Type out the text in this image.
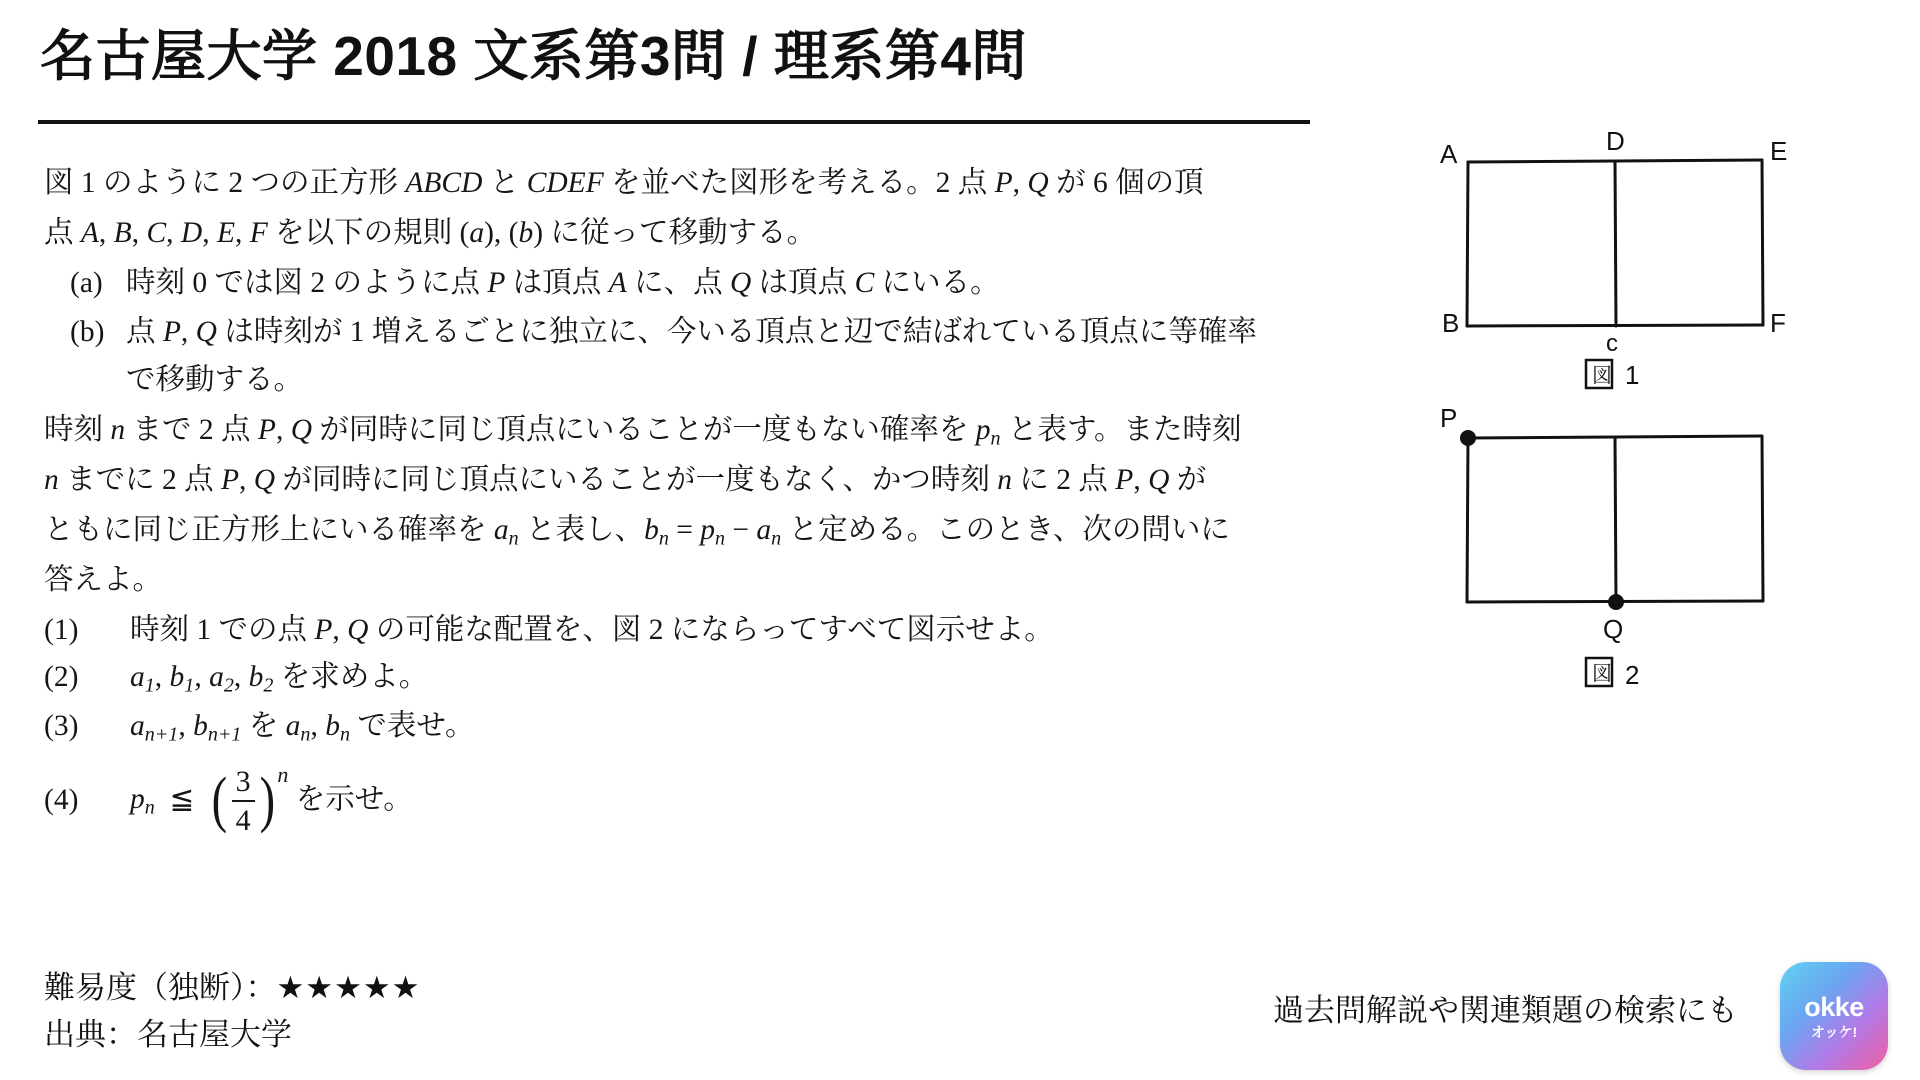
名古屋大学 2018 文系第3問 / 理系第4問

図 1 のように 2 つの正方形 ABCD と CDEF を並べた図形を考える。2 点 P, Q が 6 個の頂

点 A, B, C, D, E, F を以下の規則 (a), (b) に従って移動する。

(a) 時刻 0 では図 2 のように点 P は頂点 A に、点 Q は頂点 C にいる。
(b) 点 P, Q は時刻が 1 増えるごとに独立に、今いる頂点と辺で結ばれている頂点に等確率
で移動する。

時刻 n まで 2 点 P, Q が同時に同じ頂点にいることが一度もない確率を $p_n$ と表す。また時刻

n までに 2 点 P, Q が同時に同じ頂点にいることが一度もなく、かつ時刻 n に 2 点 P, Q が

ともに同じ正方形上にいる確率を $a_n$ と表し、$b_n = p_n - a_n$ と定める。このとき、次の問いに

答えよ。

(1)	時刻 1 での点 P, Q の可能な配置を、図 2 にならってすべて図示せよ。
(2)	$a_1$, $b_1$, $a_2$, $b_2$ を求めよ。
(3)	$a_{n+1}$, $b_{n+1}$ を $a_n$, $b_n$ で表せ。
(4)	$p_n$  ≦ ( $\frac{3}{4}$ ) n
を示せ。
A
B
c
D	E
F
図 1
P
Q
図 2
難易度（独断）：★★★★★
出典：名古屋大学
過去問解説や関連類題の検索にも okke
オッケ!
